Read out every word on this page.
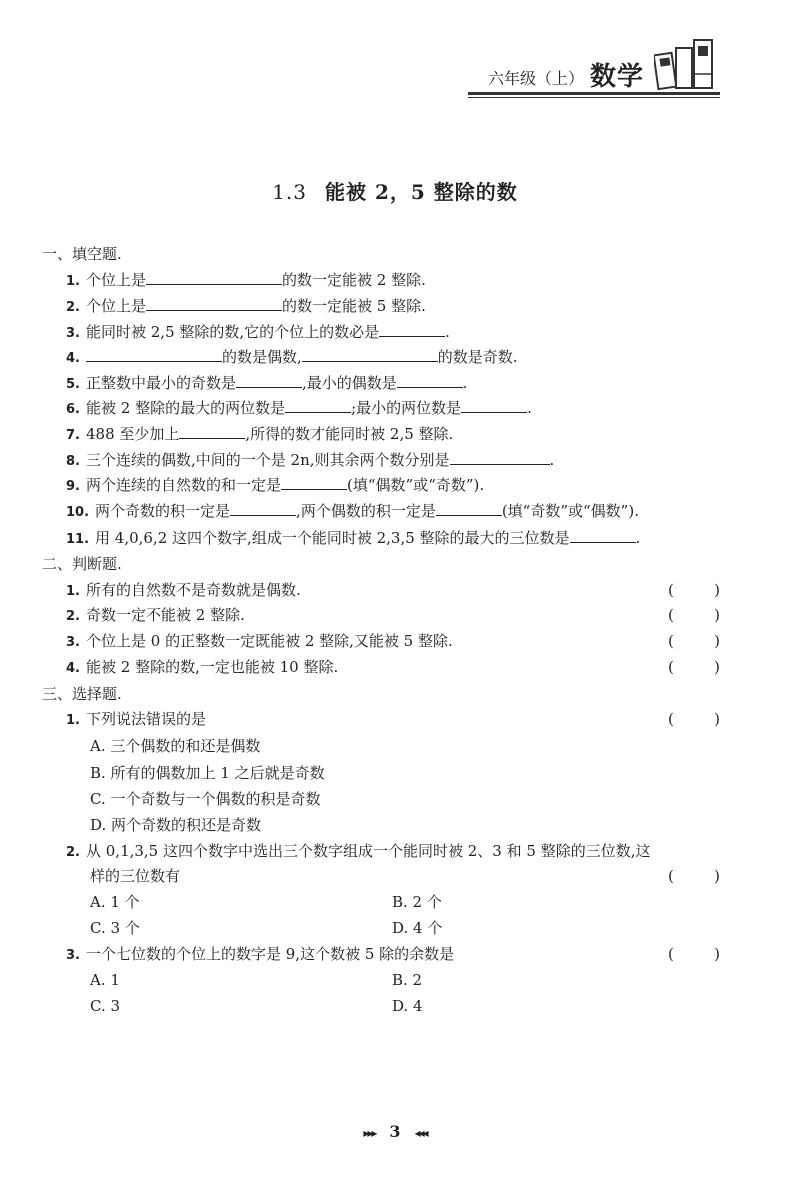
六年级（上） 数学
1.3 能被 2，5 整除的数
一、填空题.
1. 个位上是	的数一定能被 2 整除.
2. 个位上是	的数一定能被 5 整除.
3. 能同时被 2,5 整除的数,它的个位上的数必是	.
4.	的数是偶数,	的数是奇数.
5. 正整数中最小的奇数是	,最小的偶数是	.
6. 能被 2 整除的最大的两位数是	;最小的两位数是	.
7. 488 至少加上	,所得的数才能同时被 2,5 整除.
8. 三个连续的偶数,中间的一个是 2n,则其余两个数分别是	.
9. 两个连续的自然数的和一定是	(填“偶数”或“奇数”).
10. 两个奇数的积一定是	,两个偶数的积一定是	(填“奇数”或“偶数”).
11. 用 4,0,6,2 这四个数字,组成一个能同时被 2,3,5 整除的最大的三位数是	.
二、判断题.
1. 所有的自然数不是奇数就是偶数.	(	)
2. 奇数一定不能被 2 整除.	(	)
3. 个位上是 0 的正整数一定既能被 2 整除,又能被 5 整除.	(	)
4. 能被 2 整除的数,一定也能被 10 整除.	(	)
三、选择题.
1. 下列说法错误的是	(	)
A. 三个偶数的和还是偶数
B. 所有的偶数加上 1 之后就是奇数
C. 一个奇数与一个偶数的积是奇数
D. 两个奇数的积还是奇数
2. 从 0,1,3,5 这四个数字中选出三个数字组成一个能同时被 2、3 和 5 整除的三位数,这
样的三位数有	(	)
A. 1 个	B. 2 个
C. 3 个	D. 4 个
3. 一个七位数的个位上的数字是 9,这个数被 5 除的余数是	(	)
A. 1	B. 2
C. 3	D. 4
▸▸▸ 3 ◂◂◂
